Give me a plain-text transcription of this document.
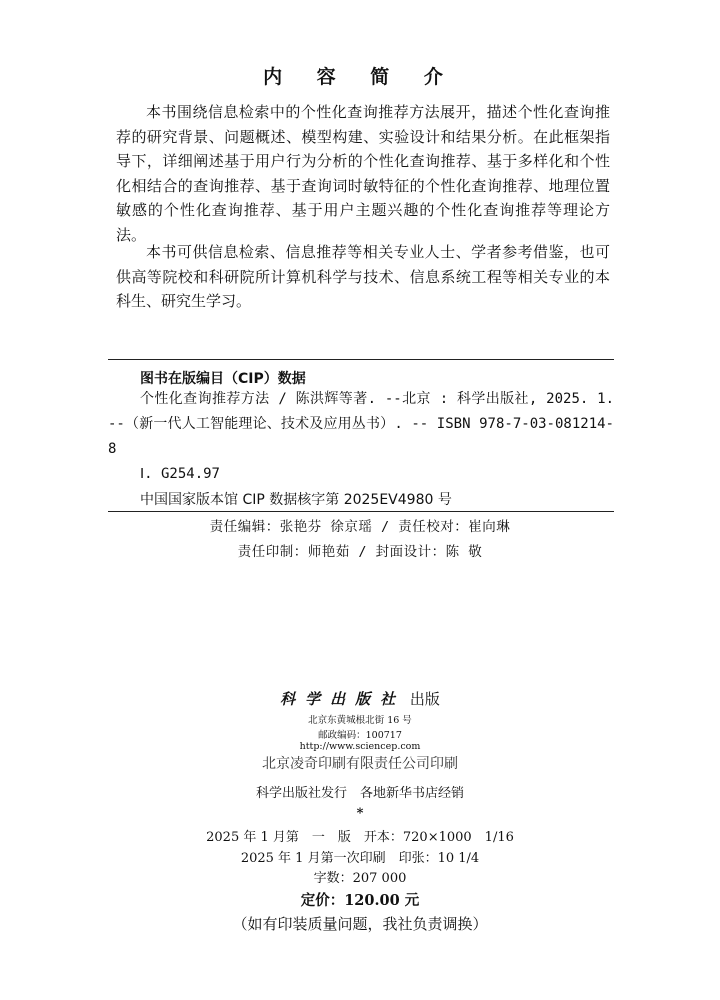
内 容 简 介

本书围绕信息检索中的个性化查询推荐方法展开，描述个性化查询推荐的研究背景、问题概述、模型构建、实验设计和结果分析。在此框架指导下，详细阐述基于用户行为分析的个性化查询推荐、基于多样化和个性化相结合的查询推荐、基于查询词时敏特征的个性化查询推荐、地理位置敏感的个性化查询推荐、基于用户主题兴趣的个性化查询推荐等理论方法。

本书可供信息检索、信息推荐等相关专业人士、学者参考借鉴，也可供高等院校和科研院所计算机科学与技术、信息系统工程等相关专业的本科生、研究生学习。

图书在版编目（CIP）数据

个性化查询推荐方法 / 陈洪辉等著. --北京 : 科学出版社, 2025. 1. --（新一代人工智能理论、技术及应用丛书）. -- ISBN 978-7-03-081214-8

Ⅰ. G254.97
中国国家版本馆 CIP 数据核字第 2025EV4980 号
责任编辑：张艳芬 徐京瑶 / 责任校对：崔向琳
责任印制：师艳茹 / 封面设计：陈 敬
科学出版社 出版
北京东黄城根北街 16 号
邮政编码：100717
http://www.sciencep.com
北京凌奇印刷有限责任公司印刷
科学出版社发行　各地新华书店经销
*
2025 年 1 月第　一　版　开本：720×1000　1/16
2025 年 1 月第一次印刷　印张：10 1/4
字数：207 000
定价：120.00 元
（如有印装质量问题，我社负责调换）
